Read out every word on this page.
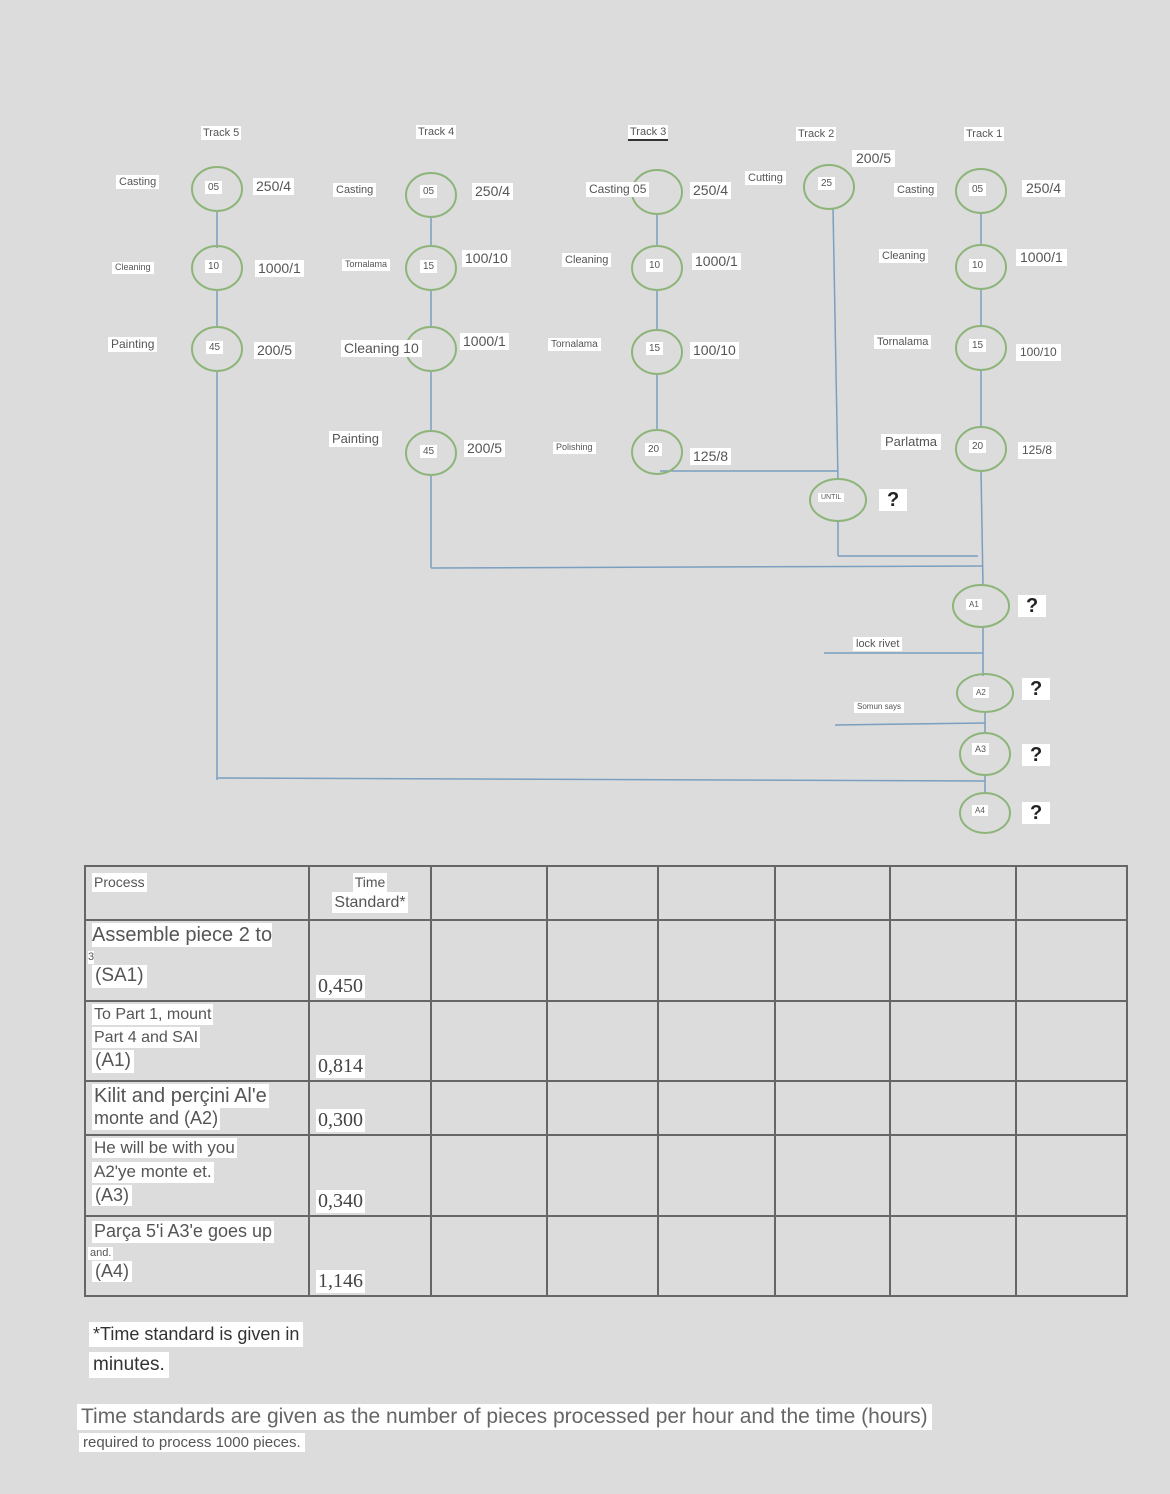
Track 5	Track 4	Track 3	Track 2	Track 1
05
10
45
05
15
45
10
15
20
25
05
10
15
20
UNTIL
A1
A2
A3
A4
Casting
Cleaning
Painting
Casting
Tornalama
Cleaning 10
Painting
Casting 05
Cleaning
Tornalama
Polishing
Cutting
Casting
Cleaning
Tornalama
Parlatma
lock rivet
Somun says
250/4
1000/1
200/5
250/4
100/10
1000/1
200/5
250/4
1000/1
100/10
125/8
200/5
250/4
1000/1
100/10
125/8
?
?
?
?
?
Process	Time
Standard*						
Assemble piece 2 to
3
(SA1)	0,450						
To Part 1, mount
Part 4 and SAI
(A1)	0,814						
Kilit and perçini Al'e
monte and (A2)	0,300						
He will be with you
A2'ye monte et.
(A3)	0,340						
Parça 5'i A3'e goes up
and.
(A4)	1,146						
*Time standard is given in
minutes.
Time standards are given as the number of pieces processed per hour and the time (hours)
required to process 1000 pieces.
